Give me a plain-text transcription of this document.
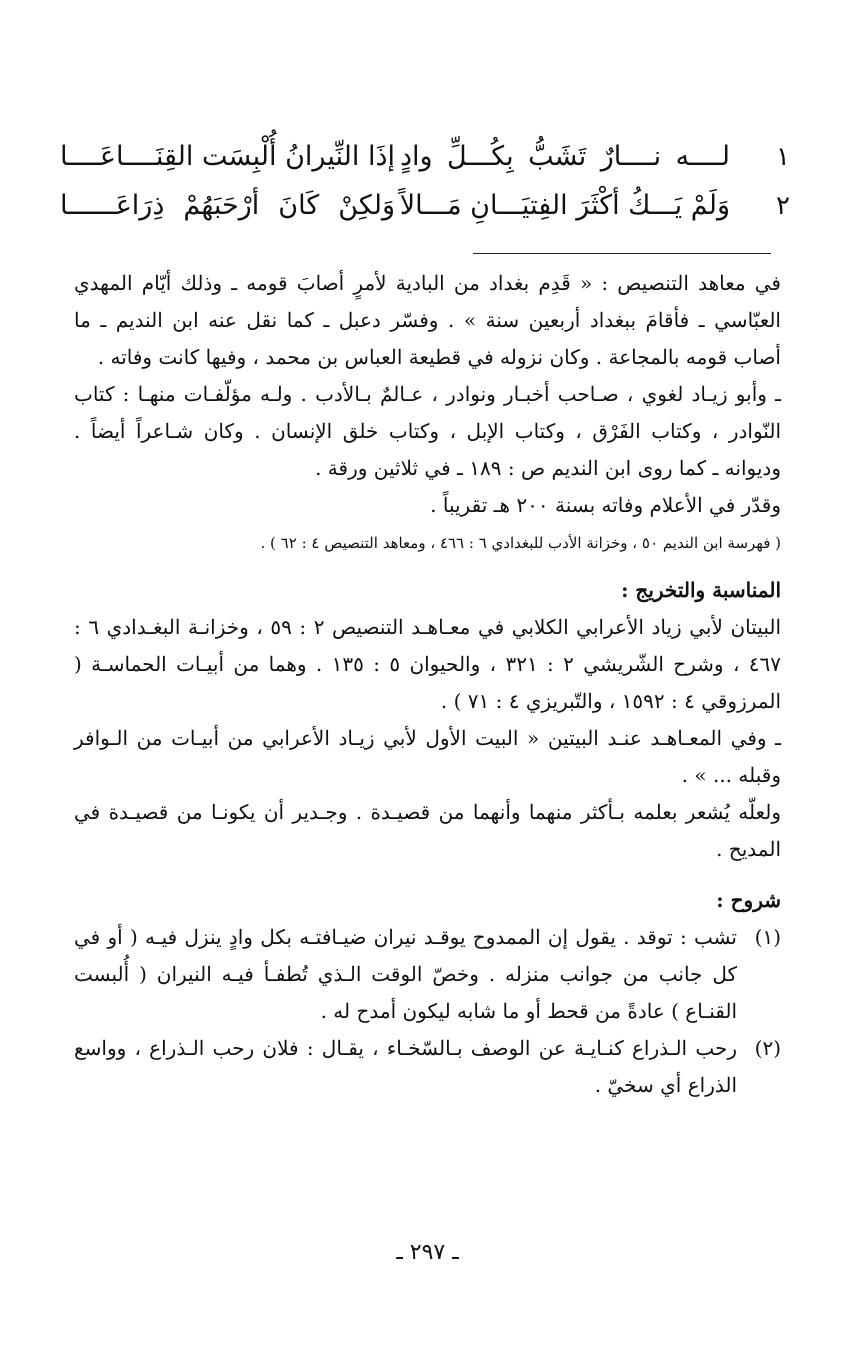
١
لــــه نــــارٌ تَشَبُّ بِكُـــلِّ وادٍ
إذَا النِّيرانُ أُلْبِسَت القِنَــــاعَــــا
٢
وَلَمْ يَـــكُ أكْثَرَ الفِتيَـــانِ مَـــالاً
وَلكِنْ كَانَ أرْحَبَهُمْ ذِرَاعَــــــا

في معاهد التنصيص : « قَدِم بغداد من البادية لأمرٍ أصابَ قومه ـ وذلك أيّام المهدي العبّاسي ـ فأقامَ ببغداد أربعين سنة » . وفسّر دعبل ـ كما نقل عنه ابن النديم ـ ما أصاب قومه بالمجاعة . وكان نزوله في قطيعة العباس بن محمد ، وفيها كانت وفاته .

ـ وأبو زيـاد لغوي ، صـاحب أخبـار ونوادر ، عـالمٌ بـالأدب . ولـه مؤلّفـات منهـا : كتاب النّوادر ، وكتاب الفَرْق ، وكتاب الإبل ، وكتاب خلق الإنسان . وكان شـاعراً أيضاً . وديوانه ـ كما روى ابن النديم ص : ١٨٩ ـ في ثلاثين ورقة .

وقدّر في الأعلام وفاته بسنة ٢٠٠ هـ تقريباً .

( فهرسة ابن النديم ٥٠ ، وخزانة الأدب للبغدادي ٦ : ٤٦٦ ، ومعاهد التنصيص ٤ : ٦٢ ) .

المناسبة والتخريج :

البيتان لأبي زياد الأعرابي الكلابي في معـاهـد التنصيص ٢ : ٥٩ ، وخزانـة البغـدادي ٦ : ٤٦٧ ، وشرح الشّريشي ٢ : ٣٢١ ، والحيوان ٥ : ١٣٥ . وهما من أبيـات الحماسـة ( المرزوقي ٤ : ١٥٩٢ ، والتّبريزي ٤ : ٧١ ) .

ـ وفي المعـاهـد عنـد البيتين « البيت الأول لأبي زيـاد الأعرابي من أبيـات من الـوافر وقبله ... » .

ولعلّه يُشعر بعلمه بـأكثر منهما وأنهما من قصيـدة . وجـدير أن يكونـا من قصيـدة في المديح .

شروح :

(١)
تشب : توقد . يقول إن الممدوح يوقـد نيران ضيـافتـه بكل وادٍ ينزل فيـه ( أو في كل جانب من جوانب منزله . وخصّ الوقت الـذي تُطفـأ فيـه النيران ( أُلبست القنـاع ) عادةً من قحط أو ما شابه ليكون أمدح له .

(٢)
رحب الـذراع كنـايـة عن الوصف بـالسّخـاء ، يقـال : فلان رحب الـذراع ، وواسع الذراع أي سخيّ .

ـ ٢٩٧ ـ
